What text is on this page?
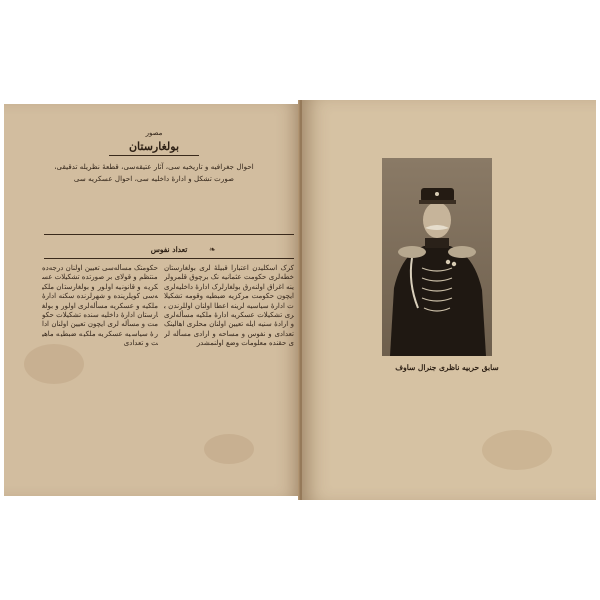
مصور
بولغارستان
احوال جغرافیه و تاریخیه سی، آثار عتیقه‌سی، قطعهٔ نظریله تدقیقی،
صورت تشکل و ادارهٔ داخلیه سی، احوال عسکریه سی
ﺗﻌﺪاد ﻧﻔﻮس	❧
کرک اسکلیدن اعتبارا قبیلهٔ لری بولغارستان خطه‌لری حکومت عثمانیه‌ نک برچوق قلمرولرینه اغراق اولنه‌رق بولغارلرک ادارهٔ داخلیه‌لری ایچون حکومت مرکزیه ضبطیه‌ وقومه تشکیلات ادارهٔ سیاسیه‌ لرینه اعطا اولنان اوللرندن بری تشکیلات عسکریه ادارهٔ ملکیه مسأله‌لری و ارادهٔ سنیه‌ ایله تعیین اولنان محلری اهالینک تعدادی و نفوس و مساحه و ارادی مسأله‌ لری حقنده معلومات وضع اولنمشدر
حکومتک مسأله‌سی تعیین اولنان درجه‌ده منتظم و قولای بر صورتده تشکیلات عسکریه‌ و قانونیه اولور و بولغارستان ملکیه‌سی کویلرینده و شهرلرنده سکنه ادارهٔ ملکیه‌ و عسکریه‌ مسأله‌لری اولور و بولغارستان ادارهٔ داخلیه‌ سنده تشکیلات حکومت و مسأله‌ لری ایچون تعیین اولنان ادارهٔ سیاسیه عسکریه ملکیه‌ ضبطیه‌ ماهیت و تعدادی
سابق حربیه ناظری جنرال ساوف
